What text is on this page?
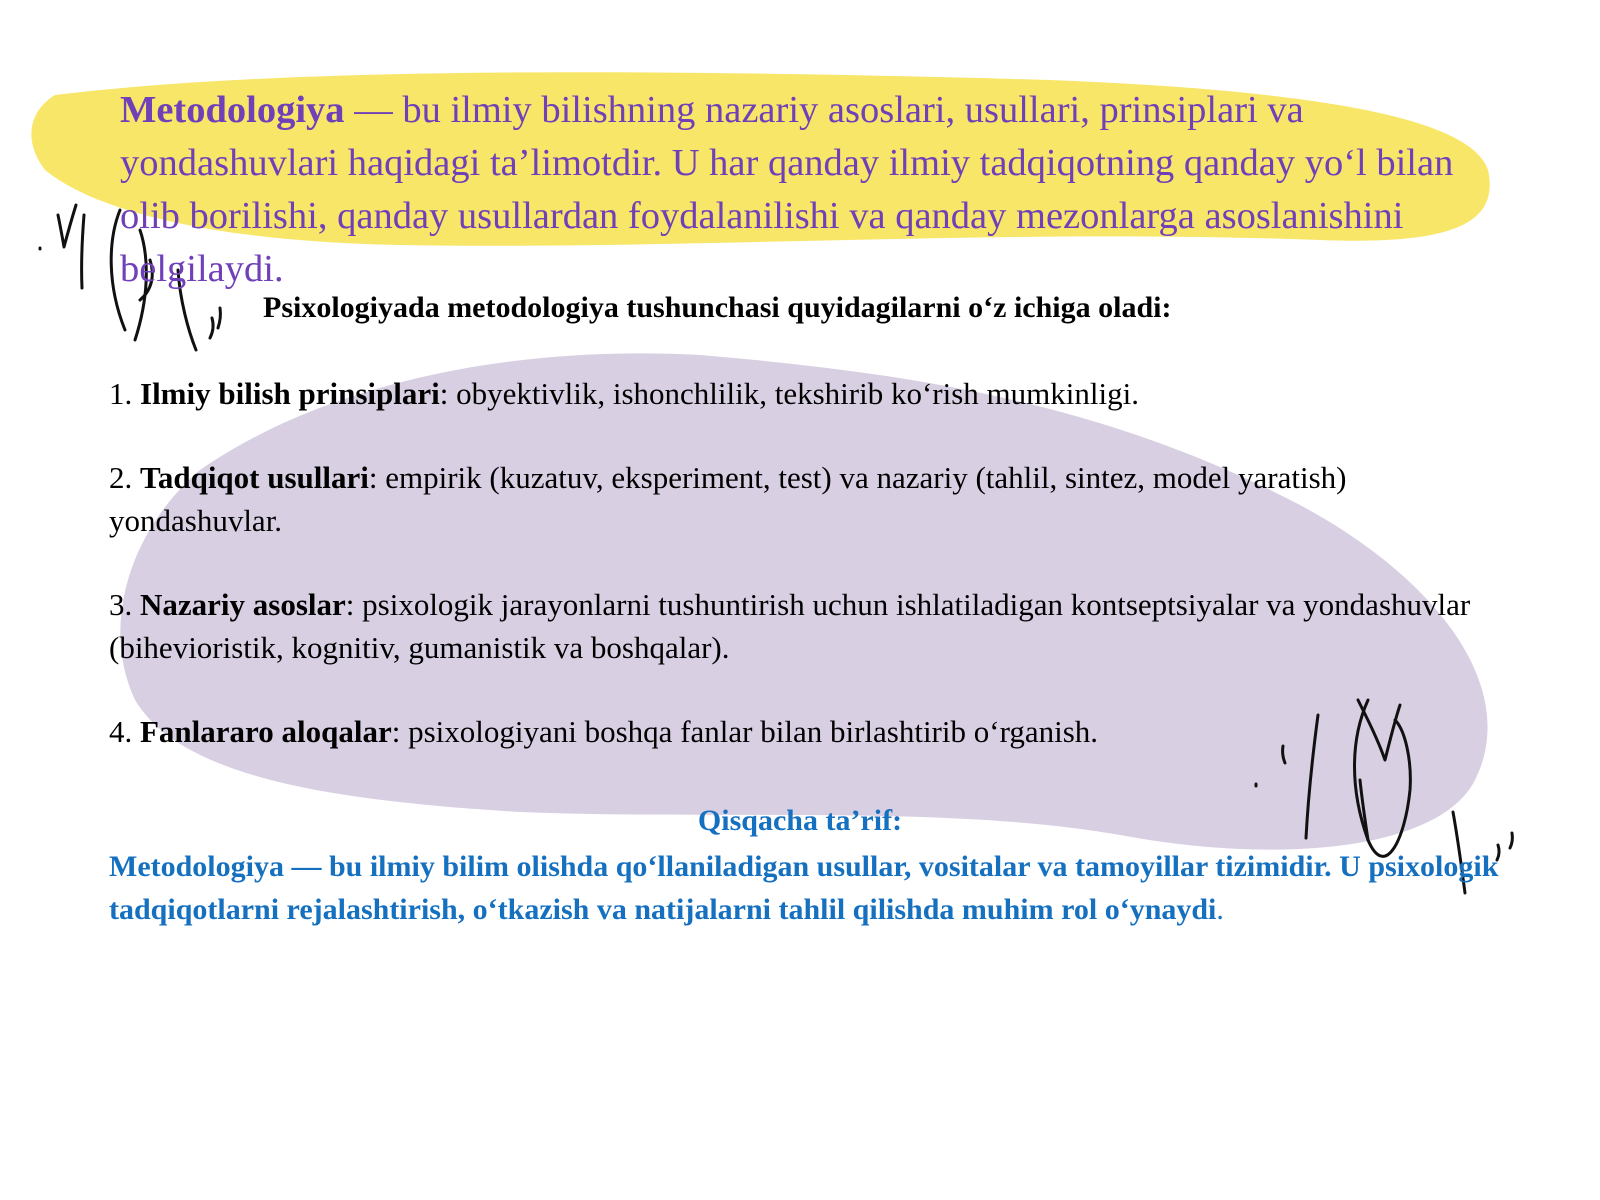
Metodologiya — bu ilmiy bilishning nazariy asoslari, usullari, prinsiplari va yondashuvlari haqidagi ta’limotdir. U har qanday ilmiy tadqiqotning qanday yo‘l bilan olib borilishi, qanday usullardan foydalanilishi va qanday mezonlarga asoslanishini belgilaydi.

Psixologiyada metodologiya tushunchasi quyidagilarni o‘z ichiga oladi:

1. Ilmiy bilish prinsiplari: obyektivlik, ishonchlilik, tekshirib ko‘rish mumkinligi.
2. Tadqiqot usullari: empirik (kuzatuv, eksperiment, test) va nazariy (tahlil, sintez, model yaratish) yondashuvlar.
3. Nazariy asoslar: psixologik jarayonlarni tushuntirish uchun ishlatiladigan kontseptsiyalar va yondashuvlar (bihevioristik, kognitiv, gumanistik va boshqalar).
4. Fanlararo aloqalar: psixologiyani boshqa fanlar bilan birlashtirib o‘rganish.

Qisqacha ta’rif:

Metodologiya — bu ilmiy bilim olishda qo‘llaniladigan usullar, vositalar va tamoyillar tizimidir. U psixologik tadqiqotlarni rejalashtirish, o‘tkazish va natijalarni tahlil qilishda muhim rol o‘ynaydi.
